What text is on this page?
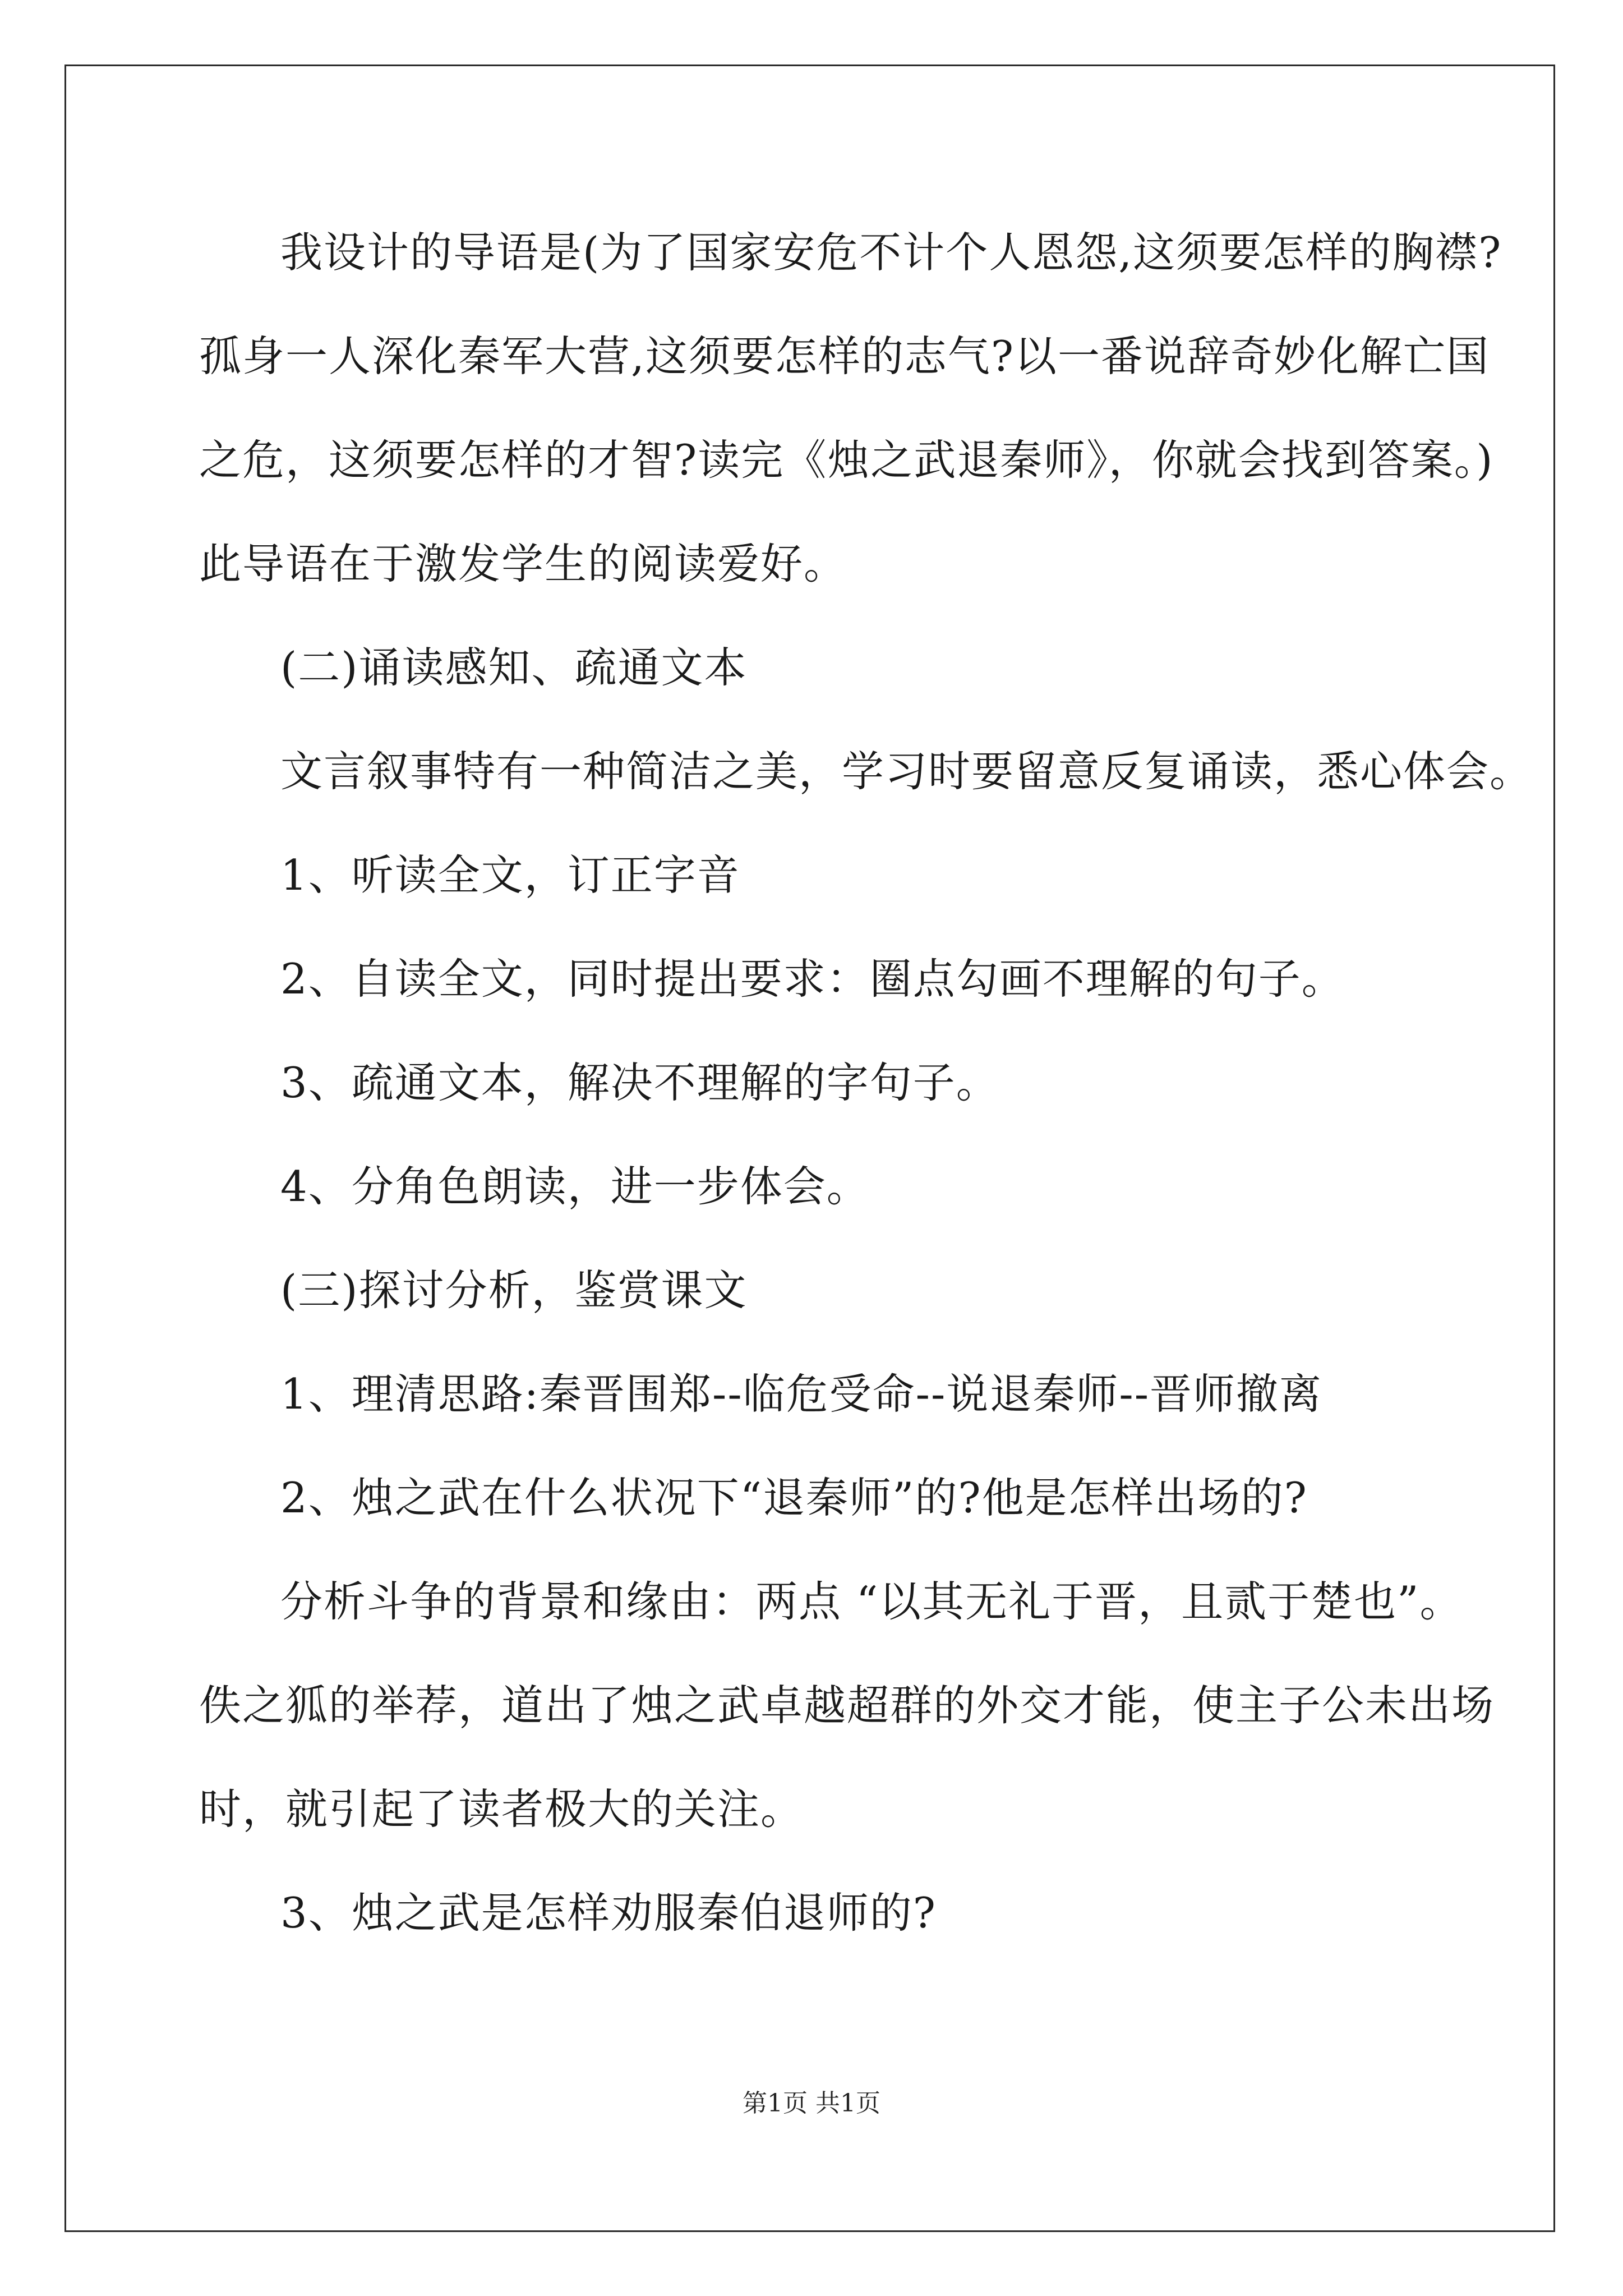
我设计的导语是(为了国家安危不计个人恩怨,这须要怎样的胸襟?
孤身一人深化秦军大营,这须要怎样的志气?以一番说辞奇妙化解亡国
之危，这须要怎样的才智?读完《烛之武退秦师》，你就会找到答案。)
此导语在于激发学生的阅读爱好。
(二)诵读感知、疏通文本
文言叙事特有一种简洁之美，学习时要留意反复诵读，悉心体会。
1、听读全文，订正字音
2、自读全文，同时提出要求：圈点勾画不理解的句子。
3、疏通文本，解决不理解的字句子。
4、分角色朗读，进一步体会。
(三)探讨分析，鉴赏课文
1、理清思路:秦晋围郑--临危受命--说退秦师--晋师撤离
2、烛之武在什么状况下“退秦师”的?他是怎样出场的?
分析斗争的背景和缘由：两点 “以其无礼于晋，且贰于楚也”。
佚之狐的举荐，道出了烛之武卓越超群的外交才能，使主子公未出场
时，就引起了读者极大的关注。
3、烛之武是怎样劝服秦伯退师的?
第1页 共1页
